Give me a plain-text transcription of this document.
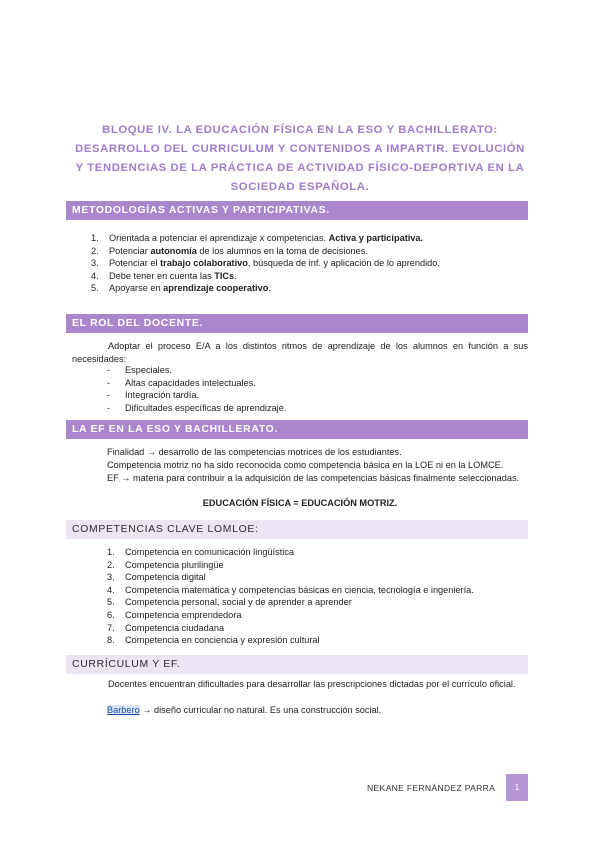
BLOQUE IV. LA EDUCACIÓN FÍSICA EN LA ESO Y BACHILLERATO: DESARROLLO DEL CURRICULUM Y CONTENIDOS A IMPARTIR. EVOLUCIÓN Y TENDENCIAS DE LA PRÁCTICA DE ACTIVIDAD FÍSICO-DEPORTIVA EN LA SOCIEDAD ESPAÑOLA.
METODOLOGÍAS ACTIVAS Y PARTICIPATIVAS.
1. Orientada a potenciar el aprendizaje x competencias. Activa y participativa.
2. Potenciar autonomía de los alumnos en la toma de decisiones.
3. Potenciar el trabajo colaborativo, búsqueda de inf. y aplicación de lo aprendido.
4. Debe tener en cuenta las TICs.
5. Apoyarse en aprendizaje cooperativo.
EL ROL DEL DOCENTE.
Adoptar el proceso E/A a los distintos ritmos de aprendizaje de los alumnos en función a sus necesidades:
- Especiales.
- Altas capacidades intelectuales.
- Integración tardía.
- Dificultades específicas de aprendizaje.
LA EF EN LA ESO Y BACHILLERATO.
Finalidad → desarrollo de las competencias motrices de los estudiantes.
Competencia motriz no ha sido reconocida como competencia básica en la LOE ni en la LOMCE.
EF → materia para contribuir a la adquisición de las competencias básicas finalmente seleccionadas.
EDUCACIÓN FÍSICA = EDUCACIÓN MOTRIZ.
COMPETENCIAS CLAVE LOMLOE:
1. Competencia en comunicación lingüística
2. Competencia plurilingüe
3. Competencia digital
4. Competencia matemática y competencias básicas en ciencia, tecnología e ingeniería.
5. Competencia personal, social y de aprender a aprender
6. Competencia emprendedora
7. Competencia ciudadana
8. Competencia en conciencia y expresión cultural
CURRÍCULUM Y EF.
Docentes encuentran dificultades para desarrollar las prescripciones dictadas por el currículo oficial.
Barbero → diseño curricular no natural. Es una construcción social.
NEKANE FERNÁNDEZ PARRA	1
